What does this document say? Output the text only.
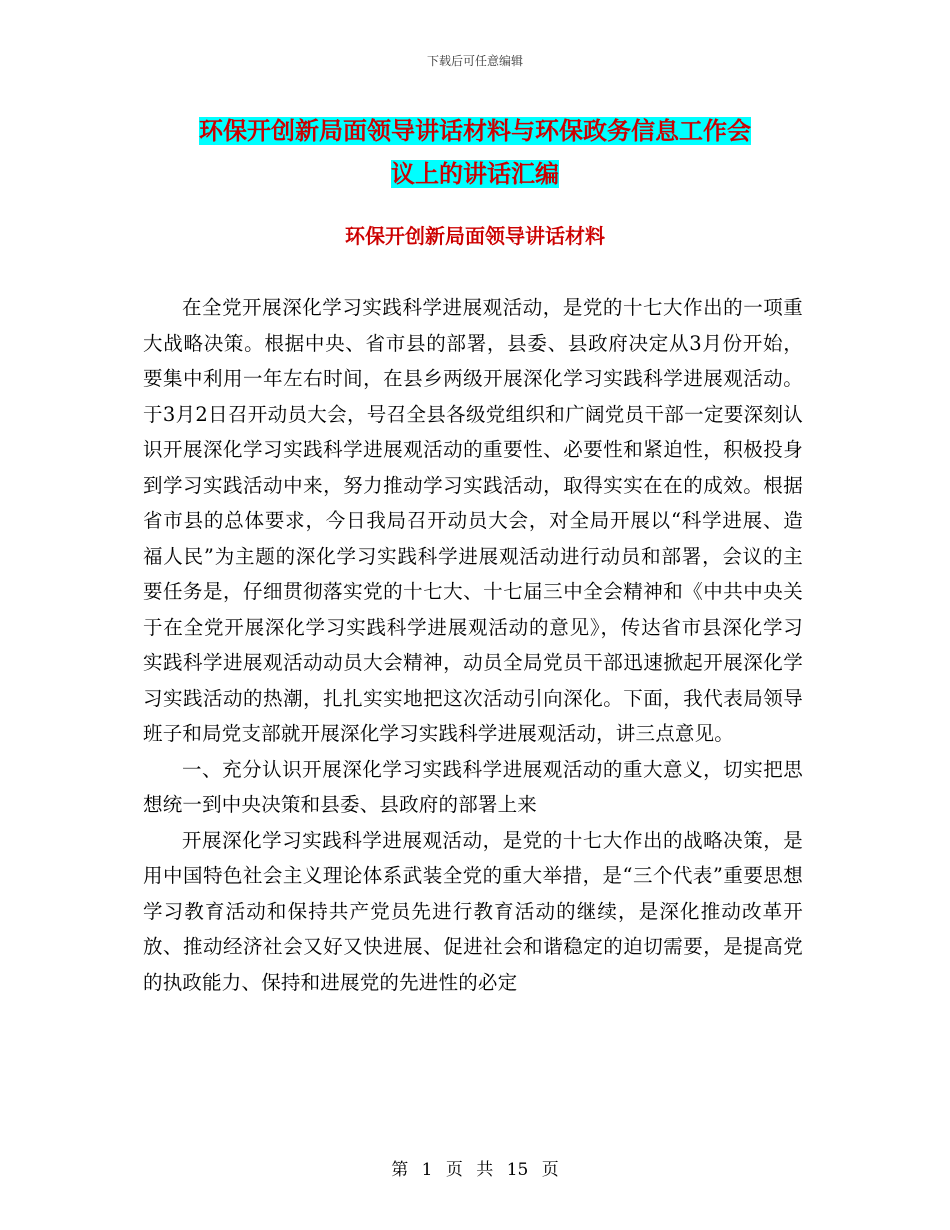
下载后可任意编辑
环保开创新局面领导讲话材料与环保政务信息工作会
议上的讲话汇编
环保开创新局面领导讲话材料

在全党开展深化学习实践科学进展观活动，是党的十七大作出的一项重大战略决策。根据中央、省市县的部署，县委、县政府决定从3月份开始，要集中利用一年左右时间，在县乡两级开展深化学习实践科学进展观活动。于3月2日召开动员大会，号召全县各级党组织和广阔党员干部一定要深刻认识开展深化学习实践科学进展观活动的重要性、必要性和紧迫性，积极投身到学习实践活动中来，努力推动学习实践活动，取得实实在在的成效。根据省市县的总体要求，今日我局召开动员大会，对全局开展以“科学进展、造福人民”为主题的深化学习实践科学进展观活动进行动员和部署，会议的主要任务是，仔细贯彻落实党的十七大、十七届三中全会精神和《中共中央关于在全党开展深化学习实践科学进展观活动的意见》，传达省市县深化学习实践科学进展观活动动员大会精神，动员全局党员干部迅速掀起开展深化学习实践活动的热潮，扎扎实实地把这次活动引向深化。下面，我代表局领导班子和局党支部就开展深化学习实践科学进展观活动，讲三点意见。

一、充分认识开展深化学习实践科学进展观活动的重大意义，切实把思想统一到中央决策和县委、县政府的部署上来

开展深化学习实践科学进展观活动，是党的十七大作出的战略决策，是用中国特色社会主义理论体系武装全党的重大举措，是“三个代表”重要思想学习教育活动和保持共产党员先进行教育活动的继续，是深化推动改革开放、推动经济社会又好又快进展、促进社会和谐稳定的迫切需要，是提高党的执政能力、保持和进展党的先进性的必定

第 1 页 共 15 页
